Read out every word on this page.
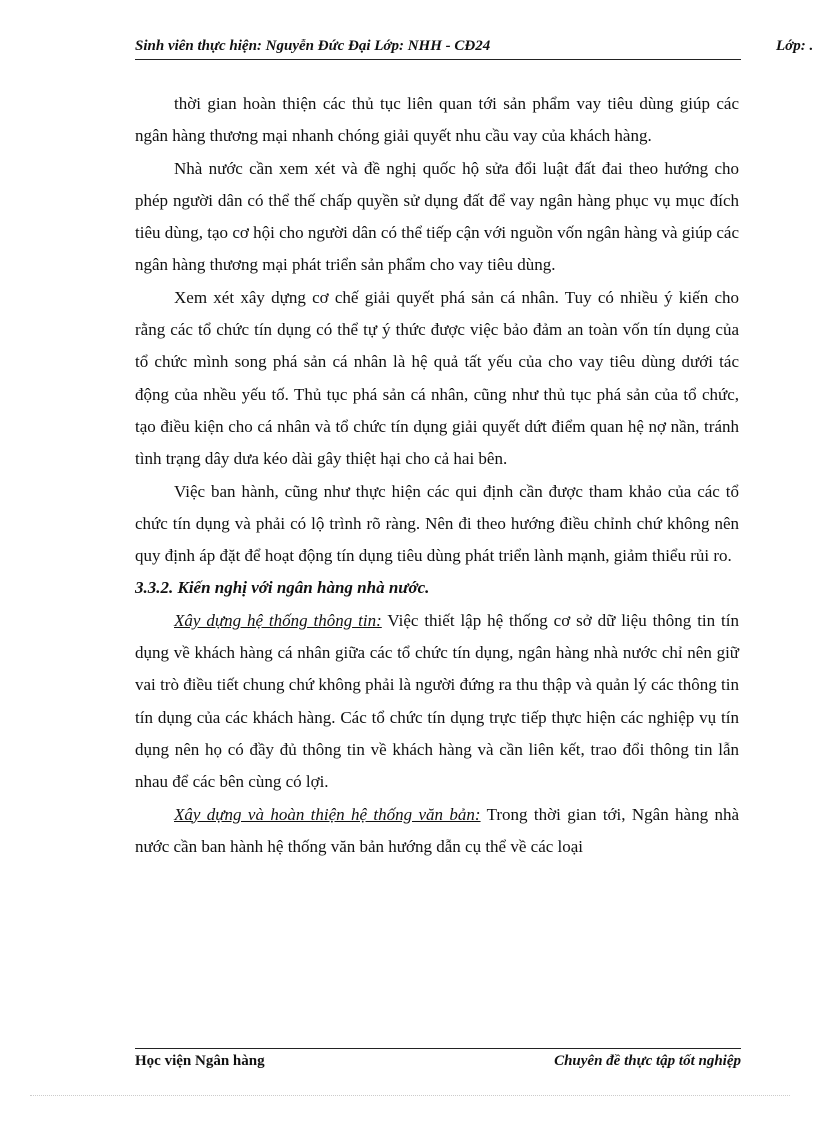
Sinh viên thực hiện: Nguyễn Đức Đại Lớp: NHH - CĐ24	Lớp: .

thời gian hoàn thiện các thủ tục liên quan tới sản phẩm vay tiêu dùng giúp các ngân hàng thương mại nhanh chóng giải quyết nhu cầu vay của khách hàng.

Nhà nước cần xem xét và đề nghị quốc hộ sửa đổi luật đất đai theo hướng cho phép người dân có thể thế chấp quyền sử dụng đất để vay ngân hàng phục vụ mục đích tiêu dùng, tạo cơ hội cho người dân có thể tiếp cận với nguồn vốn ngân hàng và giúp các ngân hàng thương mại phát triển sản phẩm cho vay tiêu dùng.

Xem xét xây dựng cơ chế giải quyết phá sản cá nhân. Tuy có nhiều ý kiến cho rằng các tổ chức tín dụng có thể tự ý thức được việc bảo đảm an toàn vốn tín dụng của tổ chức mình song phá sản cá nhân là hệ quả tất yếu của cho vay tiêu dùng dưới tác động của nhều yếu tố. Thủ tục phá sản cá nhân, cũng như thủ tục phá sản của tổ chức, tạo điều kiện cho cá nhân và tổ chức tín dụng giải quyết dứt điểm quan hệ nợ nần, tránh tình trạng dây dưa kéo dài gây thiệt hại cho cả hai bên.

Việc ban hành, cũng như thực hiện các qui định cần được tham khảo của các tổ chức tín dụng và phải có lộ trình rõ ràng. Nên đi theo hướng điều chỉnh chứ không nên quy định áp đặt để hoạt động tín dụng tiêu dùng phát triển lành mạnh, giảm thiểu rủi ro.

3.3.2. Kiến nghị với ngân hàng nhà nước.

Xây dựng hệ thống thông tin: Việc thiết lập hệ thống cơ sở dữ liệu thông tin tín dụng về khách hàng cá nhân giữa các tổ chức tín dụng, ngân hàng nhà nước chỉ nên giữ vai trò điều tiết chung chứ không phải là người đứng ra thu thập và quản lý các thông tin tín dụng của các khách hàng. Các tổ chức tín dụng trực tiếp thực hiện các nghiệp vụ tín dụng nên họ có đầy đủ thông tin về khách hàng và cần liên kết, trao đổi thông tin lẫn nhau để các bên cùng có lợi.

Xây dựng và hoàn thiện hệ thống văn bản: Trong thời gian tới, Ngân hàng nhà nước cần ban hành hệ thống văn bản hướng dẫn cụ thể về các loại

Học viện Ngân hàng	Chuyên đề thực tập tốt nghiệp
